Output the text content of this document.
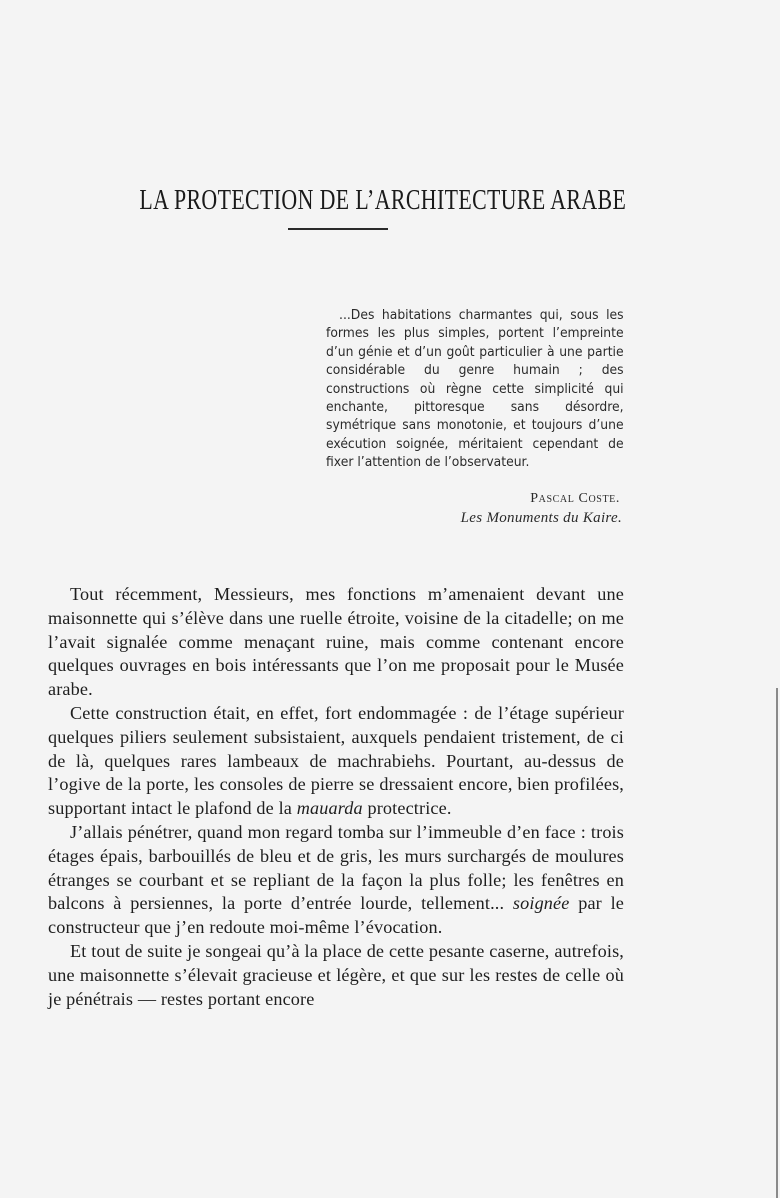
LA PROTECTION DE L’ARCHITECTURE ARABE
...Des habitations charmantes qui, sous les formes les plus simples, portent l’empreinte d’un génie et d’un goût particulier à une partie considérable du genre humain ; des constructions où règne cette simplicité qui enchante, pittoresque sans désordre, symétrique sans monotonie, et toujours d’une exécution soignée, méritaient cependant de fixer l’attention de l’observateur.
Pascal Coste.
Les Monuments du Kaire.

Tout récemment, Messieurs, mes fonctions m’amenaient devant une maisonnette qui s’élève dans une ruelle étroite, voisine de la citadelle; on me l’avait signalée comme menaçant ruine, mais comme contenant encore quelques ouvrages en bois intéressants que l’on me proposait pour le Musée arabe.

Cette construction était, en effet, fort endommagée : de l’étage supérieur quelques piliers seulement subsistaient, auxquels pendaient tristement, de ci de là, quelques rares lambeaux de machrabiehs. Pourtant, au-dessus de l’ogive de la porte, les consoles de pierre se dressaient encore, bien profilées, supportant intact le plafond de la mauarda protectrice.

J’allais pénétrer, quand mon regard tomba sur l’immeuble d’en face : trois étages épais, barbouillés de bleu et de gris, les murs surchargés de moulures étranges se courbant et se repliant de la façon la plus folle; les fenêtres en balcons à persiennes, la porte d’entrée lourde, tellement... soignée par le constructeur que j’en redoute moi-même l’évocation.

Et tout de suite je songeai qu’à la place de cette pesante caserne, autrefois, une maisonnette s’élevait gracieuse et légère, et que sur les restes de celle où je pénétrais — restes portant encore
